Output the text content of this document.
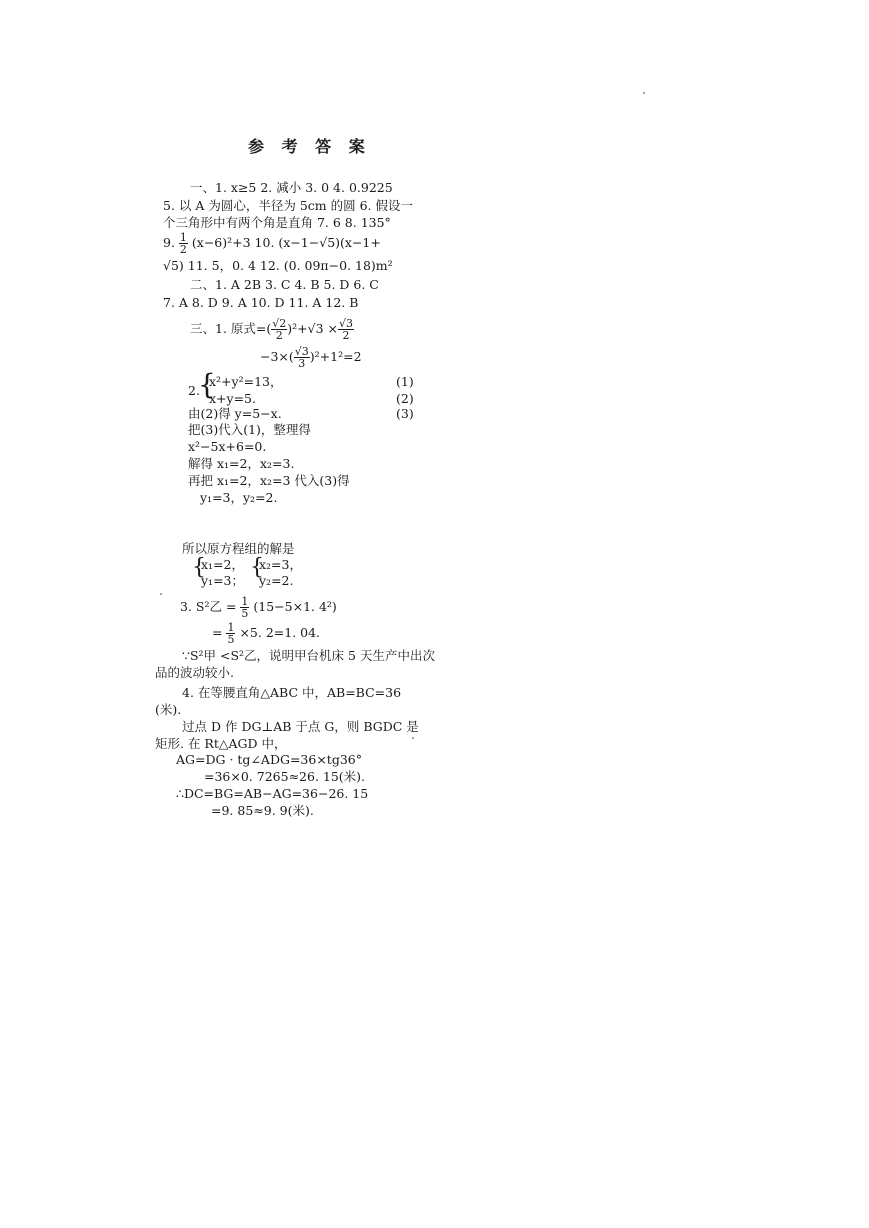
参 考 答 案
一、1. x≥5 2. 减小 3. 0 4. 0.9225
5. 以 A 为圆心，半径为 5cm 的圆 6. 假设一
个三角形中有两个角是直角 7. 6 8. 135°
9. $\frac{1}{2} (x-6)^2+3$ 10. (x−1−√5)(x−1+
√5) 11. 5，0. 4 12. (0. 09π−0. 18)m²
二、1. A 2B 3. C 4. B 5. D 6. C
7. A 8. D 9. A 10. D 11. A 12. B
三、1. 原式=( $\frac{√2}{2} )^2+√3 \times \frac{√3}{2}$
$-3\times( \frac{√3}{3} )^2+1^2=2$
2.
{
x²+y²=13，	(1)
x+y=5.	(2)
由(2)得 y=5−x.	(3)
把(3)代入(1)，整理得
x²−5x+6=0.
解得 x₁=2，x₂=3.
再把 x₁=2，x₂=3 代入(3)得
y₁=3，y₂=2.
所以原方程组的解是
{
x₁=2，
y₁=3；
{
x₂=3，
y₂=2.
3. S²乙 = $\frac{1}{5} (15-5\times 1$. 4²)
= $\frac{1}{5} \times 5$. 2=1. 04.
∵S²甲 <S²乙，说明甲台机床 5 天生产中出次
品的波动较小.
4. 在等腰直角△ABC 中，AB=BC=36
(米).
过点 D 作 DG⊥AB 于点 G，则 BGDC 是
矩形. 在 Rt△AGD 中，
AG=DG · tg∠ADG=36×tg36°
=36×0. 7265≈26. 15(米).
∴DC=BG=AB−AG=36−26. 15
=9. 85≈9. 9(米).
